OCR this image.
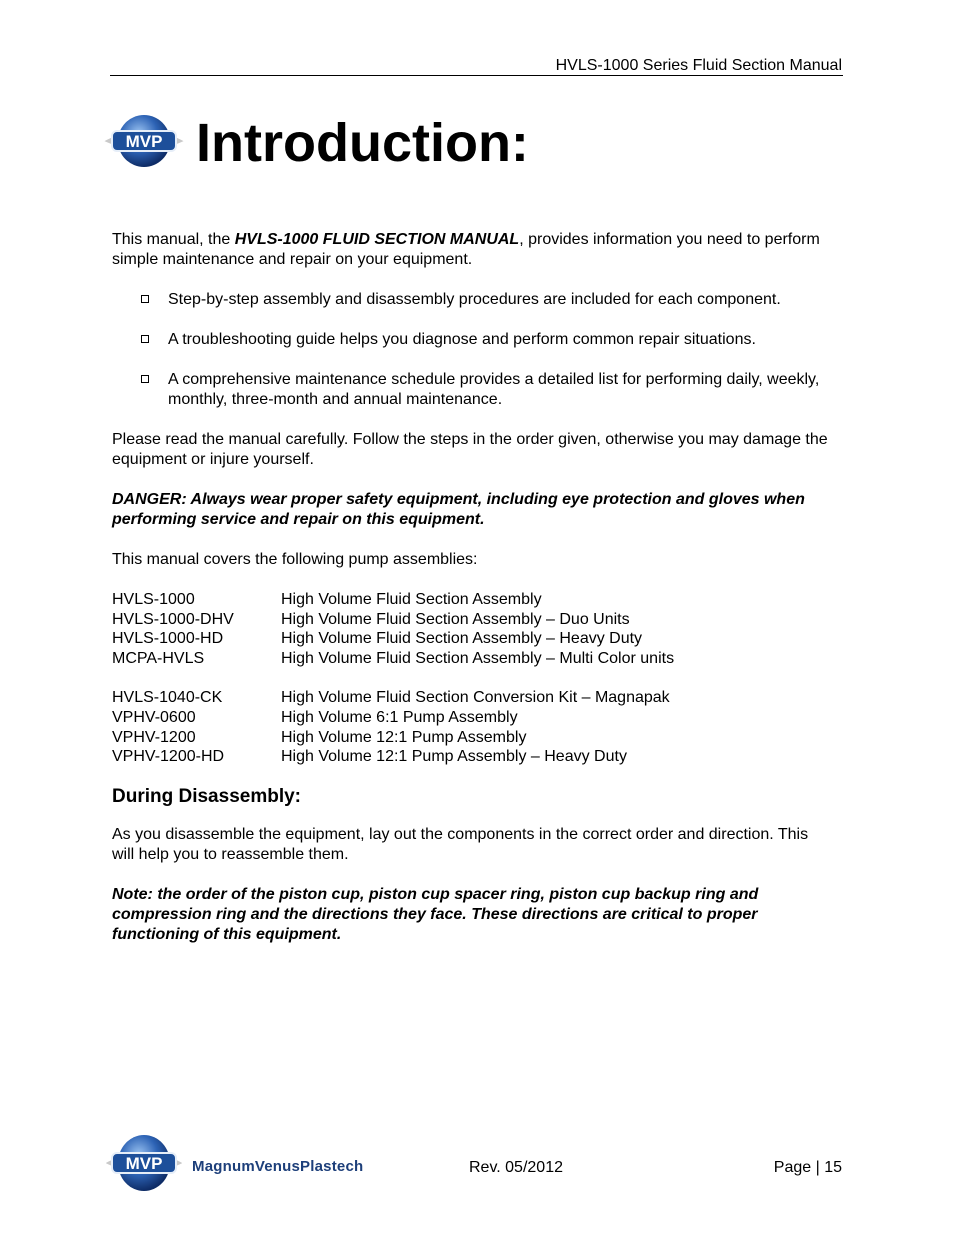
HVLS-1000 Series Fluid Section Manual
MVP Introduction:

This manual, the HVLS-1000 FLUID SECTION MANUAL, provides information you need to perform simple maintenance and repair on your equipment.

Step-by-step assembly and disassembly procedures are included for each component.
A troubleshooting guide helps you diagnose and perform common repair situations.
A comprehensive maintenance schedule provides a detailed list for performing daily, weekly, monthly, three-month and annual maintenance.

Please read the manual carefully. Follow the steps in the order given, otherwise you may damage the equipment or injure yourself.

DANGER: Always wear proper safety equipment, including eye protection and gloves when performing service and repair on this equipment.

This manual covers the following pump assemblies:

HVLS-1000	High Volume Fluid Section Assembly
HVLS-1000-DHV	High Volume Fluid Section Assembly – Duo Units
HVLS-1000-HD	High Volume Fluid Section Assembly – Heavy Duty
MCPA-HVLS	High Volume Fluid Section Assembly – Multi Color units
HVLS-1040-CK	High Volume Fluid Section Conversion Kit – Magnapak
VPHV-0600	High Volume 6:1 Pump Assembly
VPHV-1200	High Volume 12:1 Pump Assembly
VPHV-1200-HD	High Volume 12:1 Pump Assembly – Heavy Duty
During Disassembly:

As you disassemble the equipment, lay out the components in the correct order and direction. This will help you to reassemble them.

Note: the order of the piston cup, piston cup spacer ring, piston cup backup ring and compression ring and the directions they face. These directions are critical to proper functioning of this equipment.

MVP MagnumVenusPlastech	Rev. 05/2012	Page | 15
